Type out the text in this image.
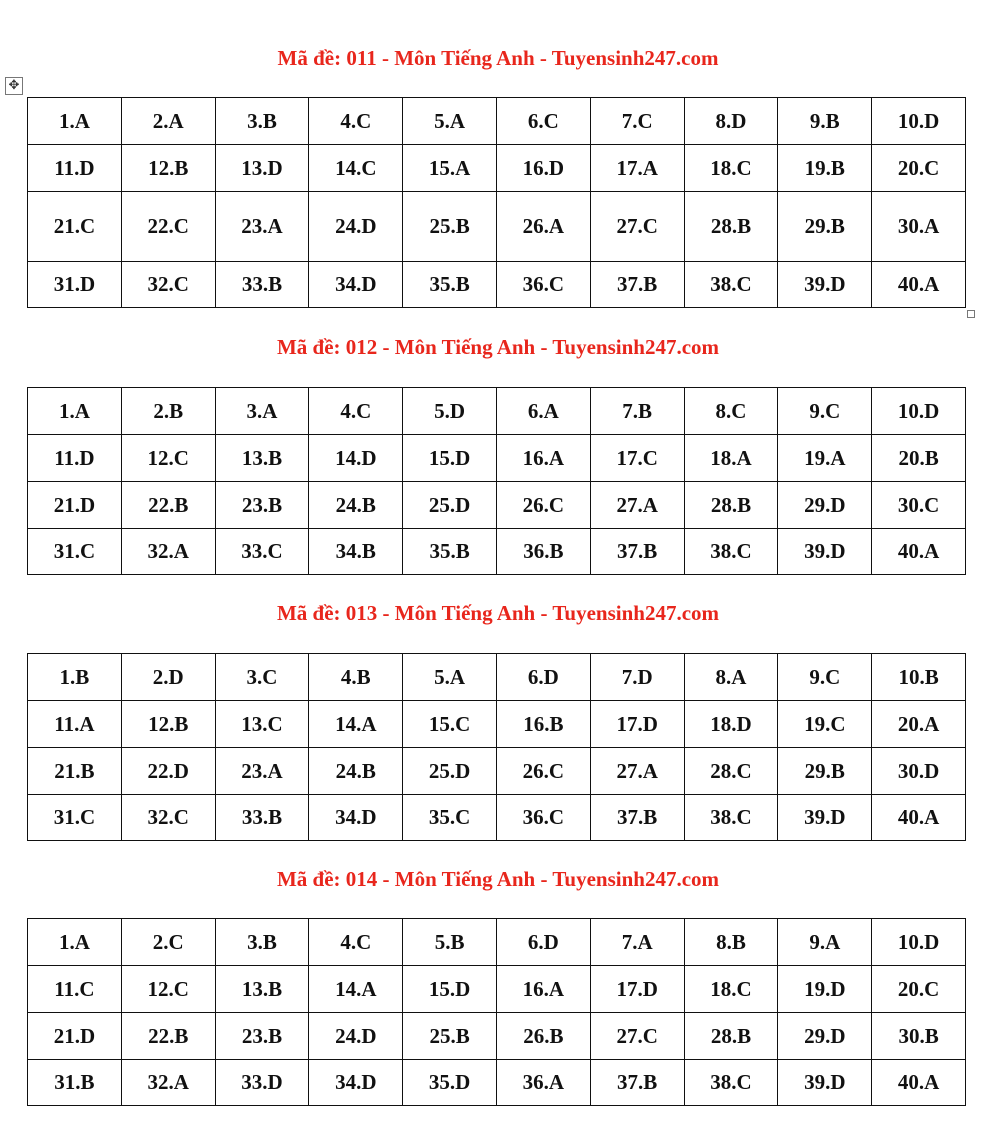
✥
Mã đề: 011 - Môn Tiếng Anh - Tuyensinh247.com
1.A	2.A	3.B	4.C	5.A	6.C	7.C	8.D	9.B	10.D
11.D	12.B	13.D	14.C	15.A	16.D	17.A	18.C	19.B	20.C
21.C	22.C	23.A	24.D	25.B	26.A	27.C	28.B	29.B	30.A
31.D	32.C	33.B	34.D	35.B	36.C	37.B	38.C	39.D	40.A
Mã đề: 012 - Môn Tiếng Anh - Tuyensinh247.com
1.A	2.B	3.A	4.C	5.D	6.A	7.B	8.C	9.C	10.D
11.D	12.C	13.B	14.D	15.D	16.A	17.C	18.A	19.A	20.B
21.D	22.B	23.B	24.B	25.D	26.C	27.A	28.B	29.D	30.C
31.C	32.A	33.C	34.B	35.B	36.B	37.B	38.C	39.D	40.A
Mã đề: 013 - Môn Tiếng Anh - Tuyensinh247.com
1.B	2.D	3.C	4.B	5.A	6.D	7.D	8.A	9.C	10.B
11.A	12.B	13.C	14.A	15.C	16.B	17.D	18.D	19.C	20.A
21.B	22.D	23.A	24.B	25.D	26.C	27.A	28.C	29.B	30.D
31.C	32.C	33.B	34.D	35.C	36.C	37.B	38.C	39.D	40.A
Mã đề: 014 - Môn Tiếng Anh - Tuyensinh247.com
1.A	2.C	3.B	4.C	5.B	6.D	7.A	8.B	9.A	10.D
11.C	12.C	13.B	14.A	15.D	16.A	17.D	18.C	19.D	20.C
21.D	22.B	23.B	24.D	25.B	26.B	27.C	28.B	29.D	30.B
31.B	32.A	33.D	34.D	35.D	36.A	37.B	38.C	39.D	40.A
